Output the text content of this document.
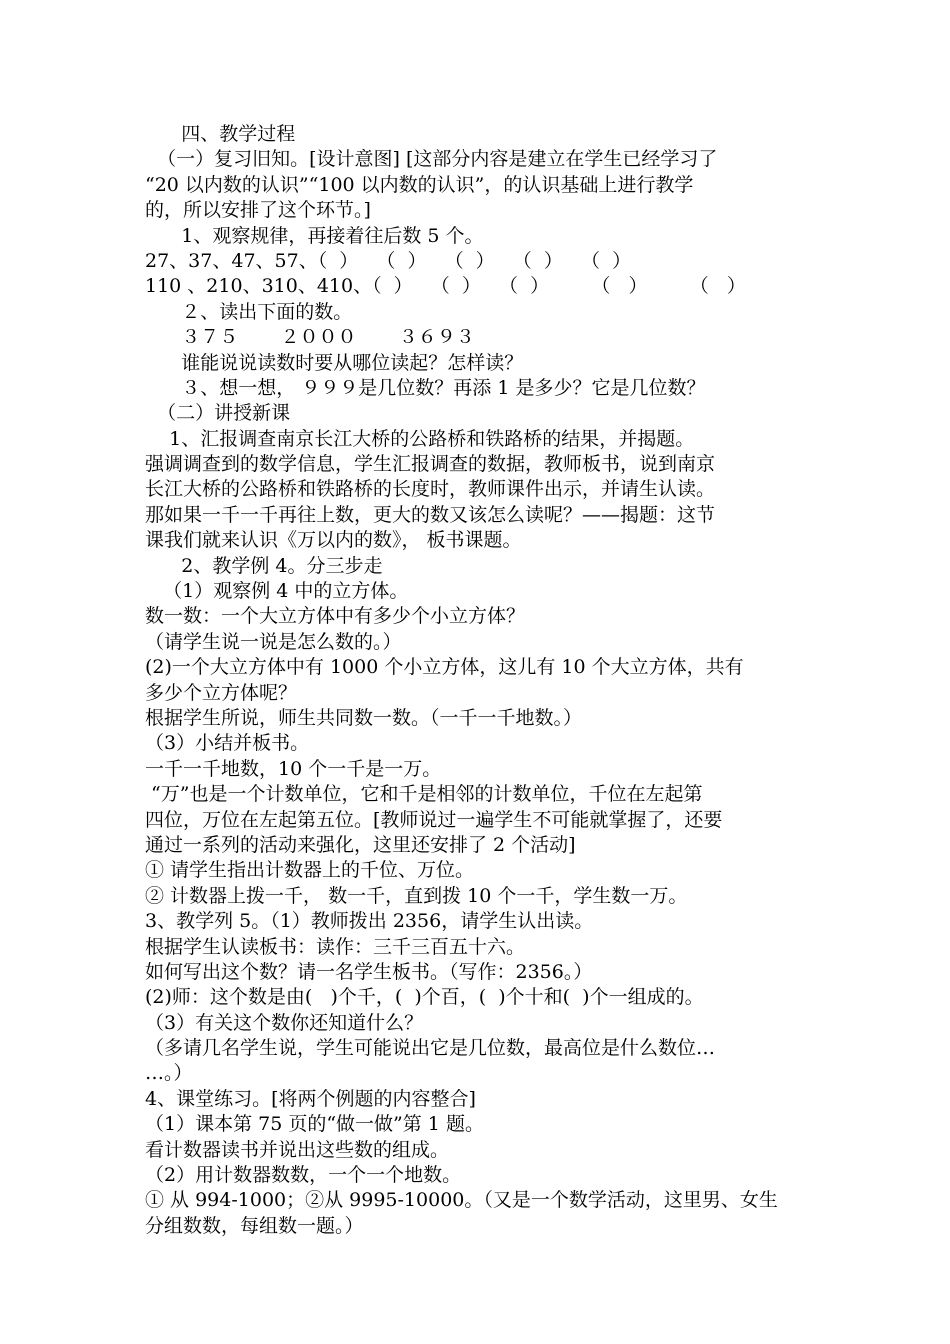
四、教学过程
（一）复习旧知。[设计意图] [这部分内容是建立在学生已经学习了
“20 以内数的认识”“100 以内数的认识”，的认识基础上进行教学
的，所以安排了这个环节。]
1、观察规律，再接着往后数 5 个。
27、37、47、57、（  ）   （  ）   （  ）   （  ）   （  ）
110 、210、310、410、（  ）   （  ）   （  ）       （   ）       （   ）
２、读出下面的数。
３７５       ２０００       ３６９３
谁能说说读数时要从哪位读起？怎样读？
３、想一想， ９９９是几位数？再添 1 是多少？它是几位数？
（二）讲授新课
1、汇报调查南京长江大桥的公路桥和铁路桥的结果，并揭题。
强调调查到的数学信息，学生汇报调查的数据，教师板书，说到南京
长江大桥的公路桥和铁路桥的长度时，教师课件出示，并请生认读。
那如果一千一千再往上数，更大的数又该怎么读呢？——揭题：这节
课我们就来认识《万以内的数》， 板书课题。
2、教学例 4。分三步走
（1）观察例 4 中的立方体。
数一数：一个大立方体中有多少个小立方体？
（请学生说一说是怎么数的。）
(2)一个大立方体中有 1000 个小立方体，这儿有 10 个大立方体，共有
多少个立方体呢？
根据学生所说，师生共同数一数。（一千一千地数。）
（3）小结并板书。
一千一千地数，10 个一千是一万。
“万”也是一个计数单位，它和千是相邻的计数单位，千位在左起第
四位，万位在左起第五位。[教师说过一遍学生不可能就掌握了，还要
通过一系列的活动来强化，这里还安排了 2 个活动]
① 请学生指出计数器上的千位、万位。
② 计数器上拨一千， 数一千，直到拨 10 个一千，学生数一万。
3、教学列 5。（1）教师拨出 2356，请学生认出读。
根据学生认读板书：读作：三千三百五十六。
如何写出这个数？请一名学生板书。（写作：2356。）
(2)师：这个数是由(   )个千，(  )个百，(  )个十和(  )个一组成的。
（3）有关这个数你还知道什么？
（多请几名学生说，学生可能说出它是几位数，最高位是什么数位…
…。）
4、课堂练习。[将两个例题的内容整合]
（1）课本第 75 页的“做一做”第 1 题。
看计数器读书并说出这些数的组成。
（2）用计数器数数，一个一个地数。
① 从 994-1000；②从 9995-10000。（又是一个数学活动，这里男、女生
分组数数，每组数一题。）
